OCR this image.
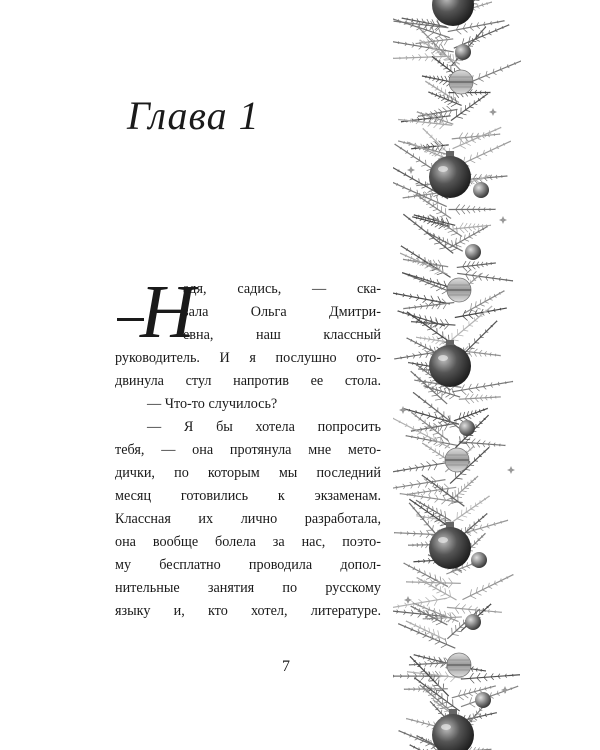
Глава 1
Н
адя, садись, — ска-
зала Ольга Дмитри-
евна, наш классный
руководитель. И я послушно ото-
двинула стул напротив ее стола.
— Что-то случилось?
— Я бы хотела попросить
тебя, — она протянула мне мето-
дички, по которым мы последний
месяц готовились к экзаменам.
Классная их лично разработала,
она вообще болела за нас, поэто-
му бесплатно проводила допол-
нительные занятия по русскому
языку и, кто хотел, литературе.
7
